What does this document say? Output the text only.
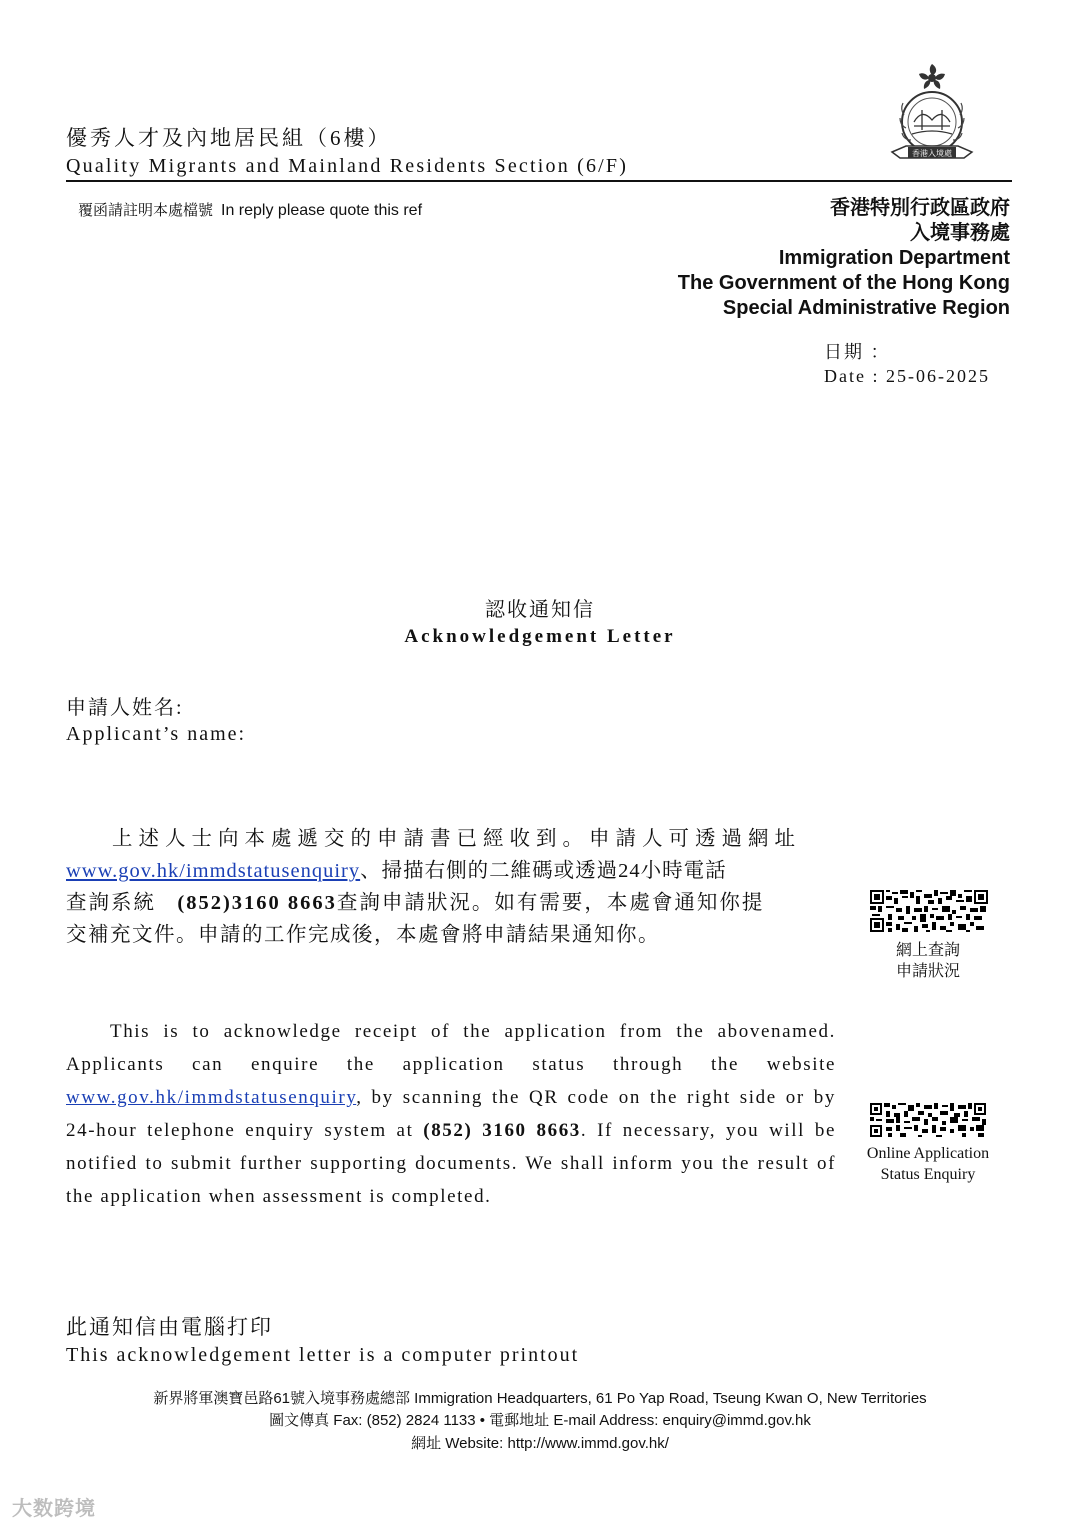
優秀人才及內地居民組（6樓）
Quality Migrants and Mainland Residents Section (6/F)
香港入境處
覆函請註明本處檔號 In reply please quote this ref	香港特別行政區政府
入境事務處
Immigration Department
The Government of the Hong Kong
Special Administrative Region
日期 ：
Date : 25-06-2025
認收通知信
Acknowledgement Letter
申請人姓名:
Applicant’s name:
上述人士向本處遞交的申請書已經收到。申請人可透過網址
www.gov.hk/immdstatusenquiry、掃描右側的二維碼或透過24小時電話
查詢系統 (852)3160 8663查詢申請狀況。如有需要，本處會通知你提
交補充文件。申請的工作完成後，本處會將申請結果通知你。
This is to acknowledge receipt of the application from the abovenamed. Applicants can enquire the application status through the website www.gov.hk/immdstatusenquiry, by scanning the QR code on the right side or by 24-hour telephone enquiry system at (852) 3160 8663. If necessary, you will be notified to submit further supporting documents. We shall inform you the result of the application when assessment is completed.
網上查詢
申請狀況
Online Application
Status Enquiry
此通知信由電腦打印
This acknowledgement letter is a computer printout
新界將軍澳寶邑路61號入境事務處總部 Immigration Headquarters, 61 Po Yap Road, Tseung Kwan O, New Territories
圖文傳真 Fax: (852) 2824 1133 • 電郵地址 E-mail Address: enquiry@immd.gov.hk
網址 Website: http://www.immd.gov.hk/
大数跨境
